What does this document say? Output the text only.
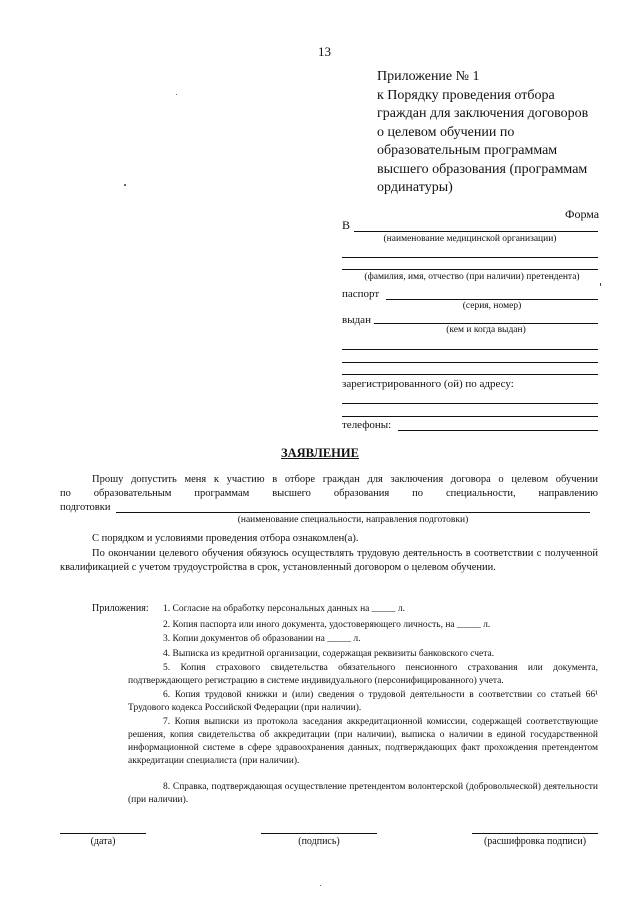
13
Приложение № 1
к Порядку проведения отбора
граждан для заключения договоров
о целевом обучении по
образовательным программам
высшего образования (программам
ординатуры)
Форма
В
(наименование медицинской организации)
(фамилия, имя, отчество (при наличии) претендента)
паспорт
(серия, номер)
выдан
(кем и когда выдан)
зарегистрированного (ой) по адресу:
телефоны:
ЗАЯВЛЕНИЕ
Прошу допустить меня к участию в отборе граждан для заключения договора о целевом обучении
по образовательным программам высшего образования по специальности, направлению
подготовки
(наименование специальности, направления подготовки)
С порядком и условиями проведения отбора ознакомлен(а).
По окончании целевого обучения обязуюсь осуществлять трудовую деятельность в соответствии с полученной квалификацией с учетом трудоустройства в срок, установленный договором о целевом обучении.
Приложения: 1. Согласие на обработку персональных данных на _____ л.
2. Копия паспорта или иного документа, удостоверяющего личность, на _____ л.
3. Копии документов об образовании на _____ л.
4. Выписка из кредитной организации, содержащая реквизиты банковского счета.
5. Копия страхового свидетельства обязательного пенсионного страхования или документа, подтверждающего регистрацию в системе индивидуального (персонифицированного) учета.
6. Копия трудовой книжки и (или) сведения о трудовой деятельности в соответствии со статьей 66¹ Трудового кодекса Российской Федерации (при наличии).
7. Копия выписки из протокола заседания аккредитационной комиссии, содержащей соответствующие решения, копия свидетельства об аккредитации (при наличии), выписка о наличии в единой государственной информационной системе в сфере здравоохранения данных, подтверждающих факт прохождения претендентом аккредитации специалиста (при наличии).
8. Справка, подтверждающая осуществление претендентом волонтерской (добровольческой) деятельности (при наличии).
(дата)	(подпись)	(расшифровка подписи)
